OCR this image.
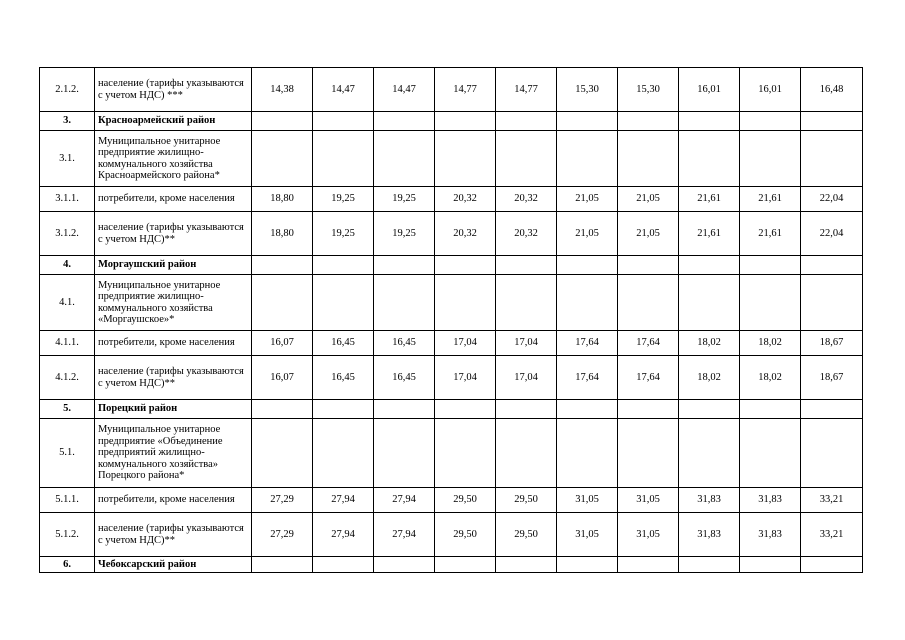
2.1.2.	население (тарифы указываются с учетом НДС) ***	14,38	14,47	14,47	14,77	14,77	15,30	15,30	16,01	16,01	16,48
3.	Красноармейский район										
3.1.	Муниципальное унитарное предприятие жилищно-коммунального хозяйства Красноармейского района*										
3.1.1.	потребители, кроме населения	18,80	19,25	19,25	20,32	20,32	21,05	21,05	21,61	21,61	22,04
3.1.2.	население (тарифы указываются с учетом НДС)**	18,80	19,25	19,25	20,32	20,32	21,05	21,05	21,61	21,61	22,04
4.	Моргаушский район										
4.1.	Муниципальное унитарное предприятие жилищно-коммунального хозяйства «Моргаушское»*										
4.1.1.	потребители, кроме населения	16,07	16,45	16,45	17,04	17,04	17,64	17,64	18,02	18,02	18,67
4.1.2.	население (тарифы указываются с учетом НДС)**	16,07	16,45	16,45	17,04	17,04	17,64	17,64	18,02	18,02	18,67
5.	Порецкий район										
5.1.	Муниципальное унитарное предприятие «Объединение предприятий жилищно-коммунального хозяйства» Порецкого района*										
5.1.1.	потребители, кроме населения	27,29	27,94	27,94	29,50	29,50	31,05	31,05	31,83	31,83	33,21
5.1.2.	население (тарифы указываются с учетом НДС)**	27,29	27,94	27,94	29,50	29,50	31,05	31,05	31,83	31,83	33,21
6.	Чебоксарский район										
